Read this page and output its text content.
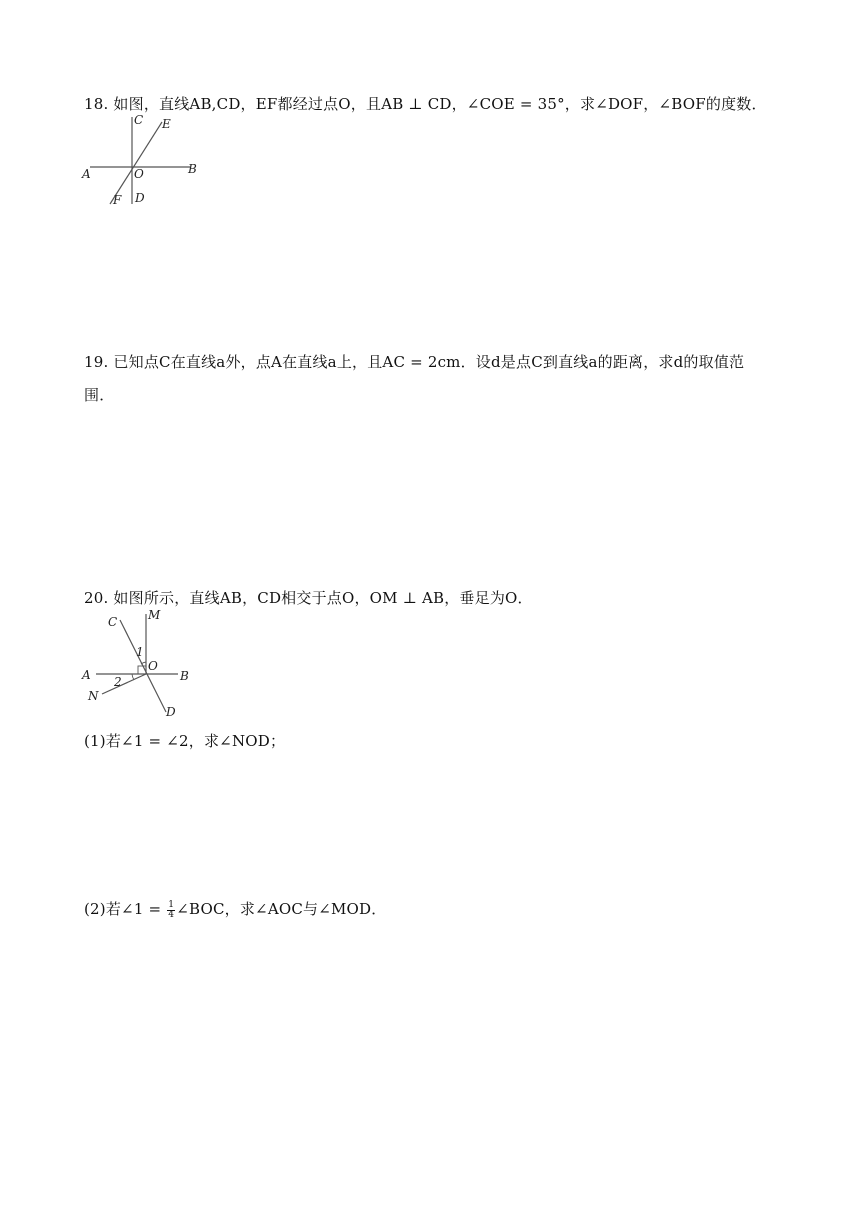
18. 如图，直线AB,CD，EF都经过点O，且AB ⊥ CD，∠COE = 35°，求∠DOF，∠BOF的度数．
C E
A	O	B
F D
19. 已知点C在直线a外，点A在直线a上，且AC = 2cm．设d是点C到直线a的距离，求d的取值范
围．
20. 如图所示，直线AB，CD相交于点O，OM ⊥ AB，垂足为O．
M
C
1
O
A	B
2
N
D
(1)若∠1 = ∠2，求∠NOD；
(2)若∠1 = $\frac{1}{4}$ ∠BOC，求∠AOC与∠MOD．
